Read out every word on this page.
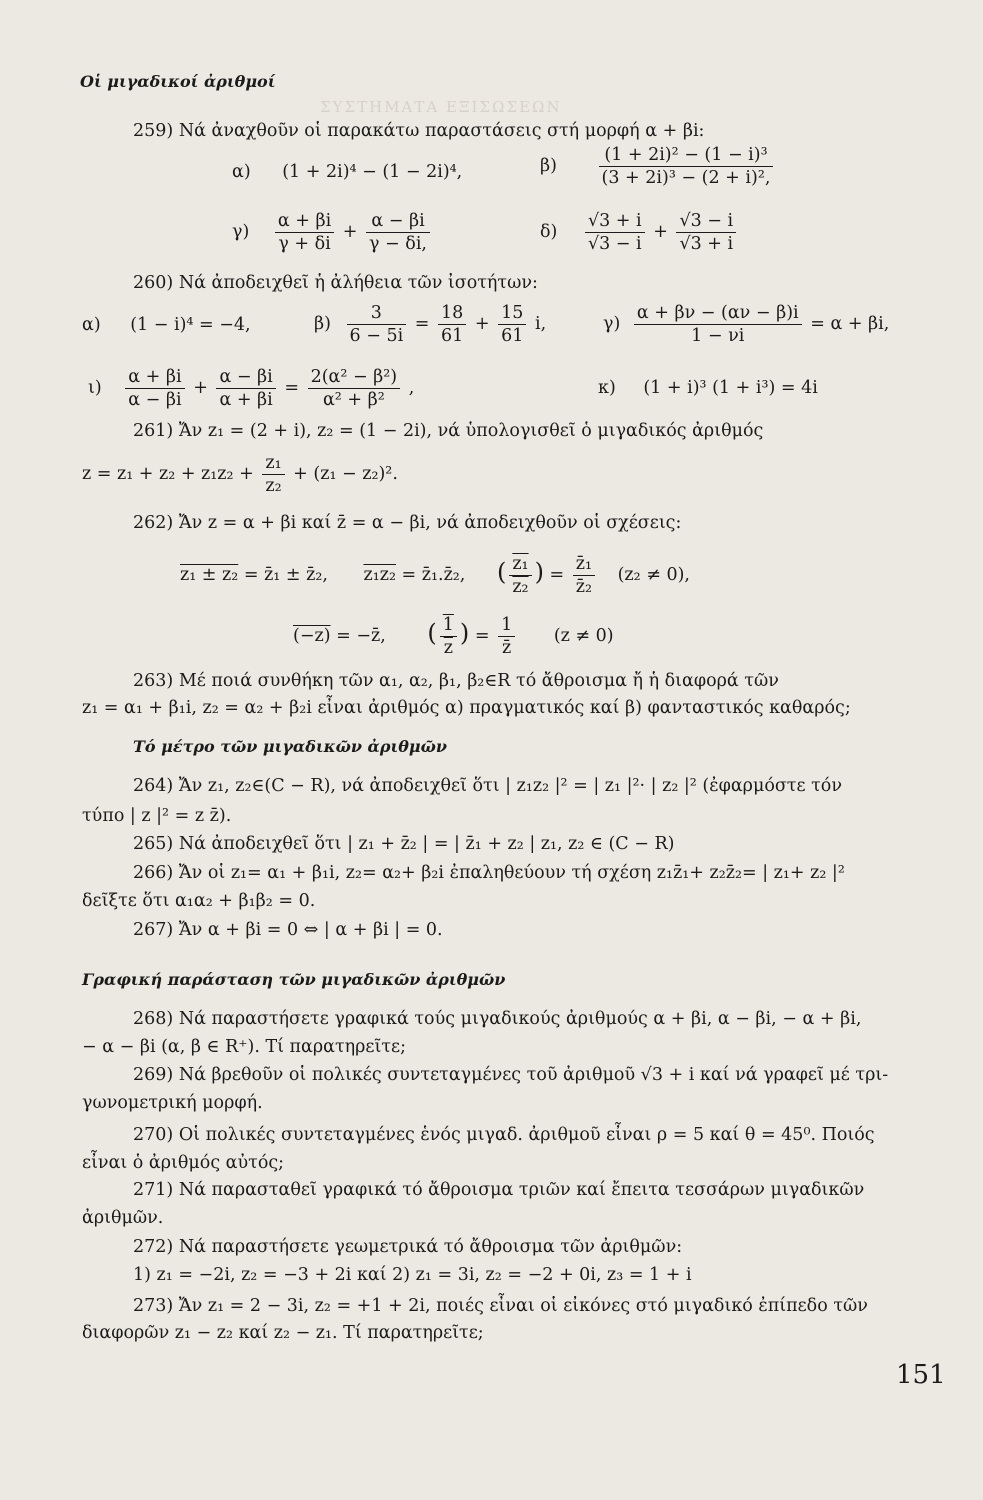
ΣΥΣΤΗΜΑΤΑ ΕΞΙΣΩΣΕΩΝ
Οἱ μιγαδικοί ἀριθμοί
259) Νά ἀναχθοῦν οἱ παρακάτω παραστάσεις στή μορφή α + βi:
α) (1 + 2i)⁴ − (1 − 2i)⁴,	$\beta) \frac{\text{(1 + 2i)² − (1 − i)³}}{\text{(3 + 2i)³ − (2 + i)²,}}$
$\gamma) \frac{\alpha + \beta i}{\gamma + \delta i} + \frac{\alpha - \beta i}{\gamma - \delta i,}$	$\delta) \frac{√3 + i}{√3 - i} + \frac{√3 - i}{√3 + i}$
260) Νά ἀποδειχθεῖ ἡ ἀλήθεια τῶν ἰσοτήτων:
α) (1 − i)⁴ = −4,	$\beta) \frac{3}{6 - 5i} = \frac{18}{61} + \frac{15}{61} i$,	$\gamma) \frac{\alpha + \beta\nu - (\alpha\nu - \beta)i}{1 - \nu i} = \alpha + \beta i$,
$\iota) \frac{\alpha + \beta i}{\alpha - \beta i} + \frac{\alpha - \beta i}{\alpha + \beta i} = \frac{\text{2(α² − β²)}}{\text{α² + β²}}$ ,	κ) (1 + i)³ (1 + i³) = 4i
261) Ἄν z₁ = (2 + i), z₂ = (1 − 2i), νά ὑπολογισθεῖ ὁ μιγαδικός ἀριθμός
$z = z_1 + z_2 + z_1z_2 + \frac{\text{z₁}}{\text{z₂}} + (z_1 - z_2)^2$.
262) Ἄν z = α + βi καί z̄ = α − βi, νά ἀποδειχθοῦν οἱ σχέσεις:
z₁ ± z₂ = z̄₁ ± z̄₂, z₁z₂ = z̄₁.z̄₂, ( $\frac{\text{z₁}}{\text{z₂}}$ ) = $\frac{\text{z̄₁}}{\text{z̄₂}} (z_2 \ne 0)$,
(−z) = −z̄, ( $\frac{1}{z}$ ) = $\frac{1}{z̄} (z \ne 0)$
263) Μέ ποιά συνθήκη τῶν α₁, α₂, β₁, β₂∈R τό ἄθροισμα ἤ ἡ διαφορά τῶν
z₁ = α₁ + β₁i, z₂ = α₂ + β₂i εἶναι ἀριθμός α) πραγματικός καί β) φανταστικός καθαρός;
Τό μέτρο τῶν μιγαδικῶν ἀριθμῶν
264) Ἄν z₁, z₂∈(C − R), νά ἀποδειχθεῖ ὅτι | z₁z₂ |² = | z₁ |²· | z₂ |² (ἐφαρμόστε τόν
τύπο | z |² = z z̄).
265) Νά ἀποδειχθεῖ ὅτι | z₁ + z̄₂ | = | z̄₁ + z₂ | z₁, z₂ ∈ (C − R)
266) Ἄν οἱ z₁= α₁ + β₁i, z₂= α₂+ β₂i ἐπαληθεύουν τή σχέση z₁z̄₁+ z₂z̄₂= | z₁+ z₂ |²
δεῖξτε ὅτι α₁α₂ + β₁β₂ = 0.
267) Ἄν α + βi = 0 ⇔ | α + βi | = 0.
Γραφική παράσταση τῶν μιγαδικῶν ἀριθμῶν
268) Νά παραστήσετε γραφικά τούς μιγαδικούς ἀριθμούς α + βi, α − βi, − α + βi,
− α − βi (α, β ∈ R⁺). Τί παρατηρεῖτε;
269) Νά βρεθοῦν οἱ πολικές συντεταγμένες τοῦ ἀριθμοῦ √3 + i καί νά γραφεῖ μέ τρι-
γωνομετρική μορφή.
270) Οἱ πολικές συντεταγμένες ἑνός μιγαδ. ἀριθμοῦ εἶναι ρ = 5 καί θ = 45⁰. Ποιός
εἶναι ὁ ἀριθμός αὐτός;
271) Νά παρασταθεῖ γραφικά τό ἄθροισμα τριῶν καί ἔπειτα τεσσάρων μιγαδικῶν
ἀριθμῶν.
272) Νά παραστήσετε γεωμετρικά τό ἄθροισμα τῶν ἀριθμῶν:
1) z₁ = −2i, z₂ = −3 + 2i καί 2) z₁ = 3i, z₂ = −2 + 0i, z₃ = 1 + i
273) Ἄν z₁ = 2 − 3i, z₂ = +1 + 2i, ποιές εἶναι οἱ εἰκόνες στό μιγαδικό ἐπίπεδο τῶν
διαφορῶν z₁ − z₂ καί z₂ − z₁. Τί παρατηρεῖτε;
151
